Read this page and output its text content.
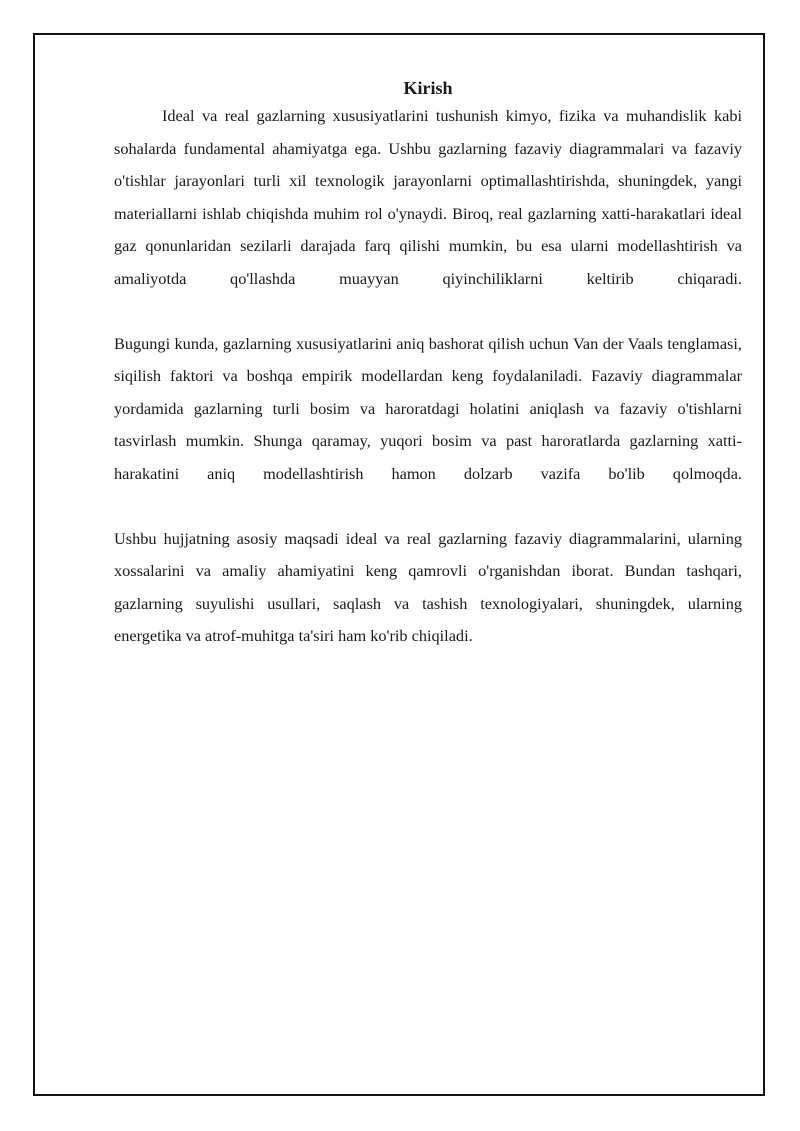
Kirish

Ideal va real gazlarning xususiyatlarini tushunish kimyo, fizika va muhandislik kabi sohalarda fundamental ahamiyatga ega. Ushbu gazlarning fazaviy diagrammalari va fazaviy o'tishlar jarayonlari turli xil texnologik jarayonlarni optimallashtirishda, shuningdek, yangi materiallarni ishlab chiqishda muhim rol o'ynaydi. Biroq, real gazlarning xatti-harakatlari ideal gaz qonunlaridan sezilarli darajada farq qilishi mumkin, bu esa ularni modellashtirish va amaliyotda qo'llashda muayyan qiyinchiliklarni keltirib chiqaradi.

Bugungi kunda, gazlarning xususiyatlarini aniq bashorat qilish uchun Van der Vaals tenglamasi, siqilish faktori va boshqa empirik modellardan keng foydalaniladi. Fazaviy diagrammalar yordamida gazlarning turli bosim va haroratdagi holatini aniqlash va fazaviy o'tishlarni tasvirlash mumkin. Shunga qaramay, yuqori bosim va past haroratlarda gazlarning xatti-harakatini aniq modellashtirish hamon dolzarb vazifa bo'lib qolmoqda.

Ushbu hujjatning asosiy maqsadi ideal va real gazlarning fazaviy diagrammalarini, ularning xossalarini va amaliy ahamiyatini keng qamrovli o'rganishdan iborat. Bundan tashqari, gazlarning suyulishi usullari, saqlash va tashish texnologiyalari, shuningdek, ularning energetika va atrof-muhitga ta'siri ham ko'rib chiqiladi.
